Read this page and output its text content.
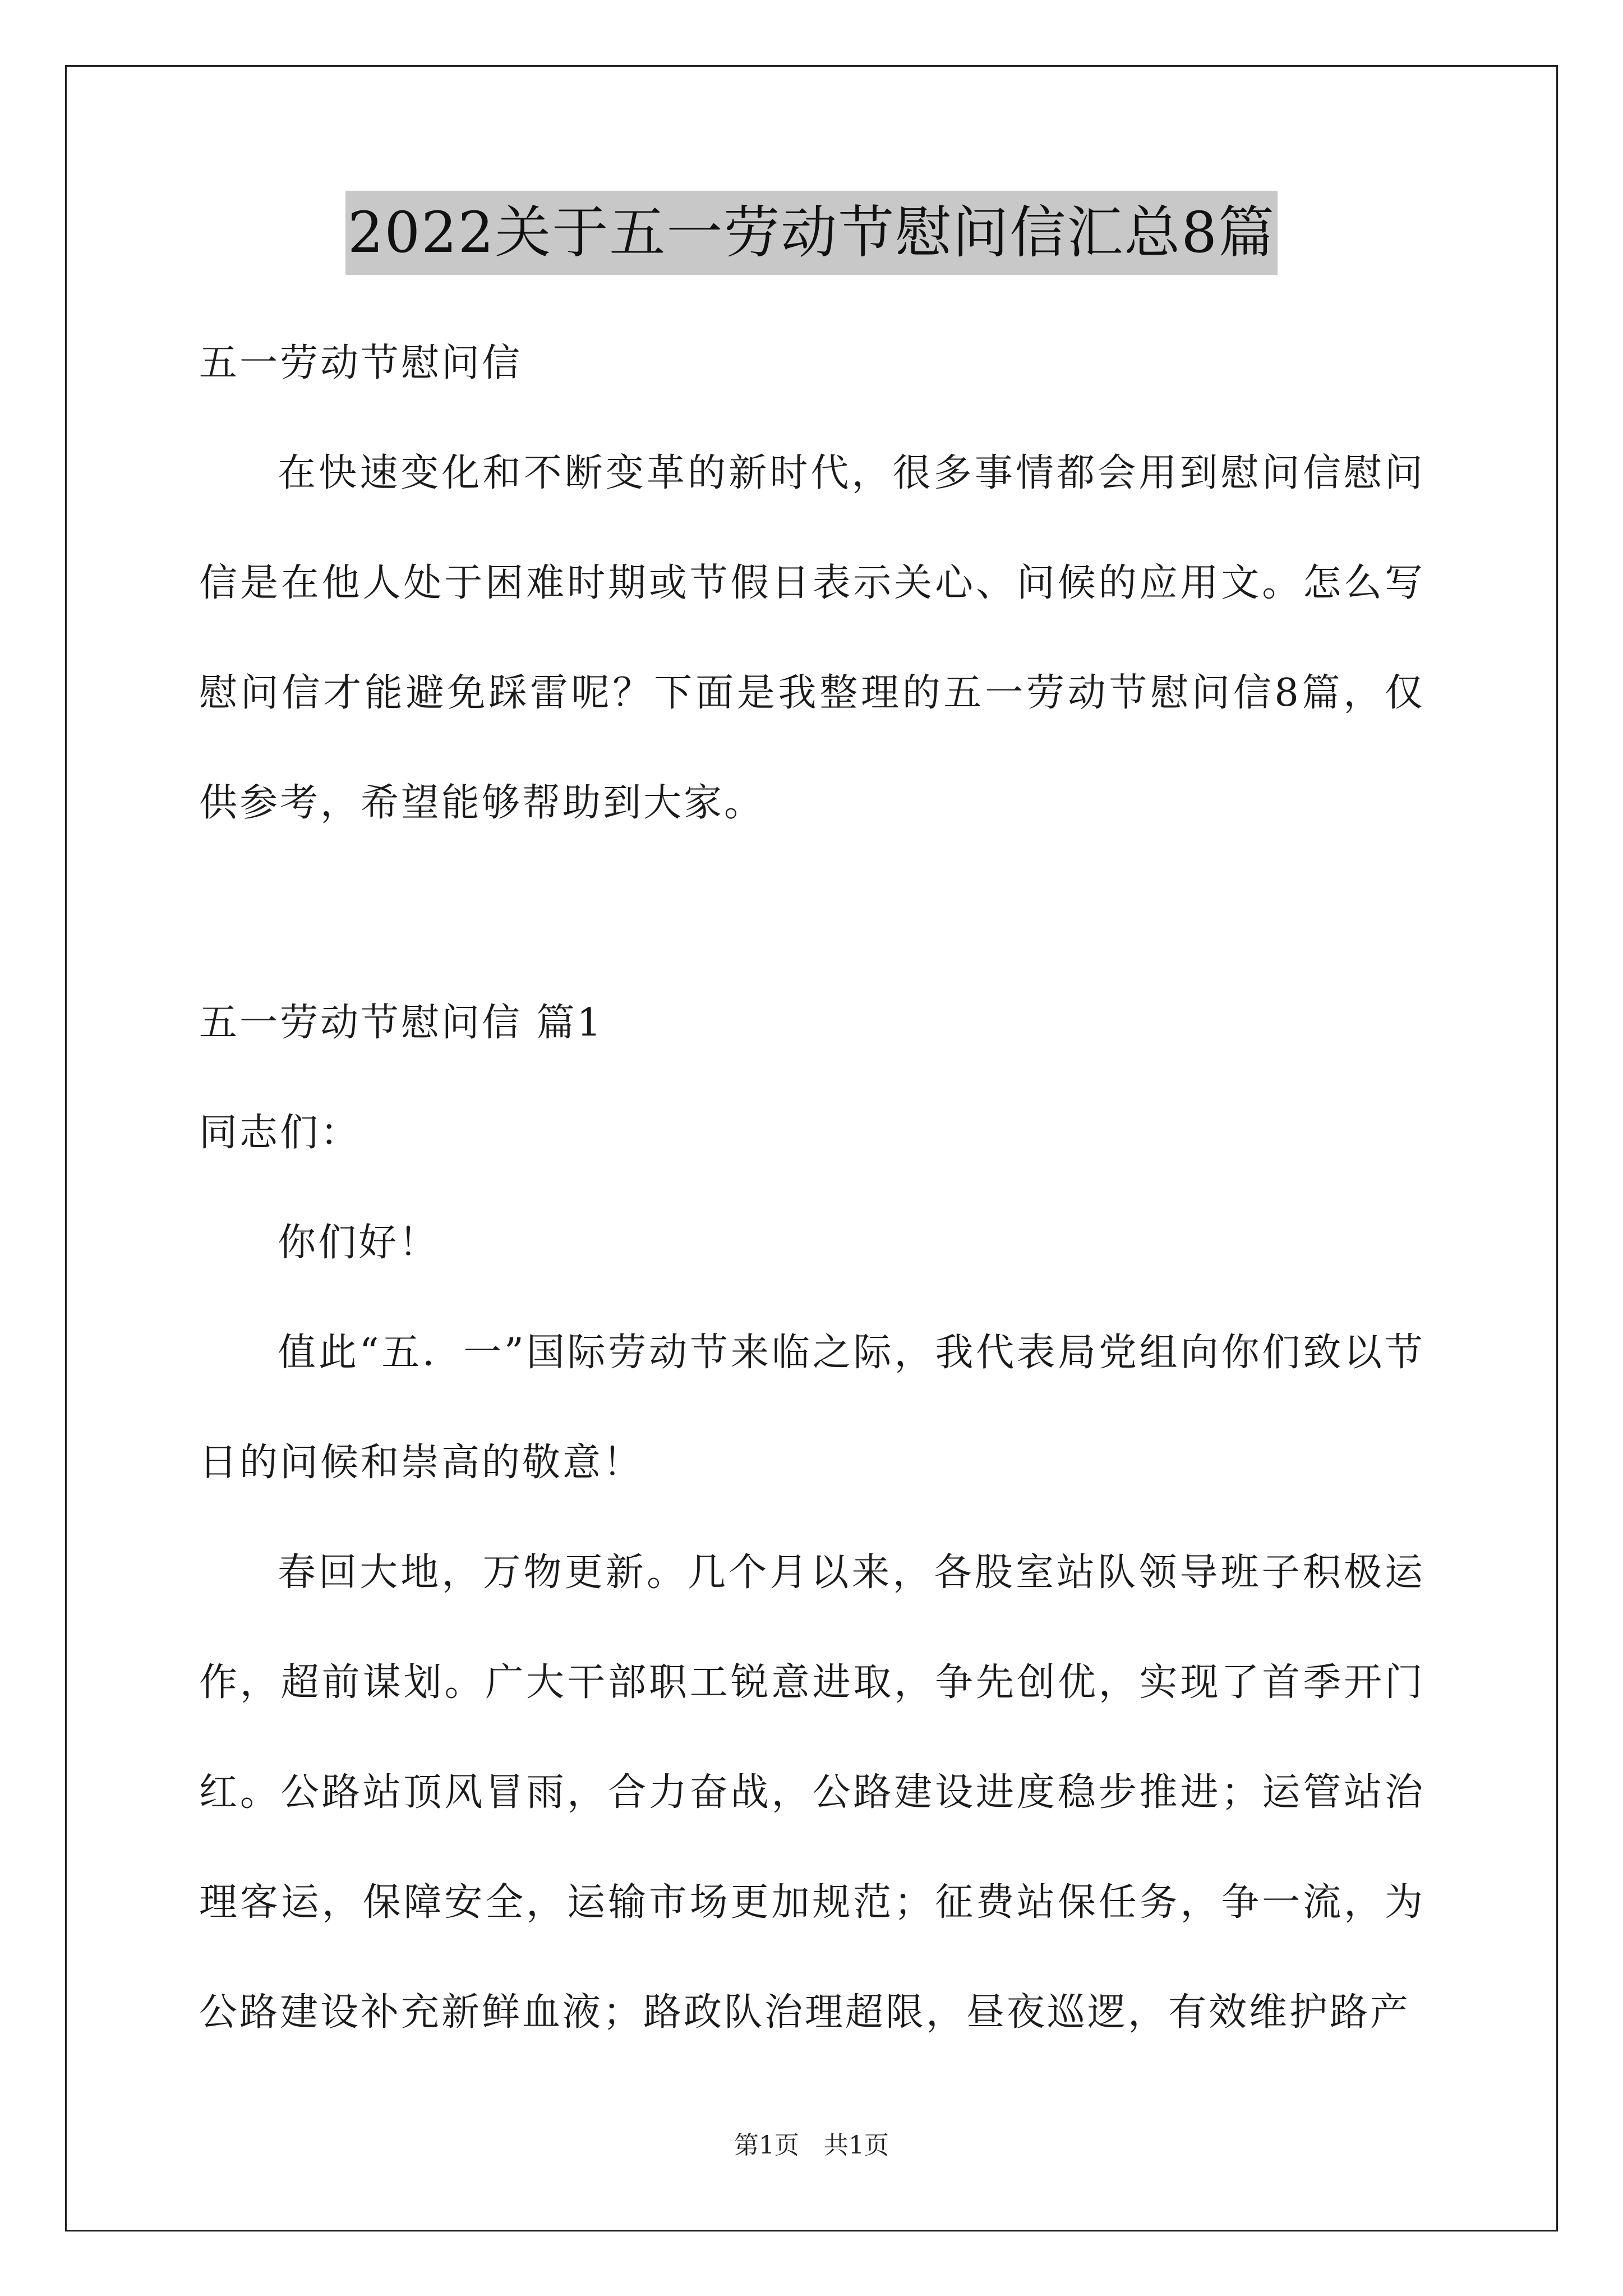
2022关于五一劳动节慰问信汇总8篇

五一劳动节慰问信

在快速变化和不断变革的新时代，很多事情都会用到慰问信慰问信是在他人处于困难时期或节假日表示关心、问候的应用文。怎么写慰问信才能避免踩雷呢？下面是我整理的五一劳动节慰问信8篇，仅供参考，希望能够帮助到大家。

五一劳动节慰问信 篇1

同志们：

你们好！

值此“五．一”国际劳动节来临之际，我代表局党组向你们致以节日的问候和崇高的敬意！

春回大地，万物更新。几个月以来，各股室站队领导班子积极运作，超前谋划。广大干部职工锐意进取，争先创优，实现了首季开门红。公路站顶风冒雨，合力奋战，公路建设进度稳步推进；运管站治理客运，保障安全，运输市场更加规范；征费站保任务，争一流，为公路建设补充新鲜血液；路政队治理超限，昼夜巡逻，有效维护路产

第1页　共1页
